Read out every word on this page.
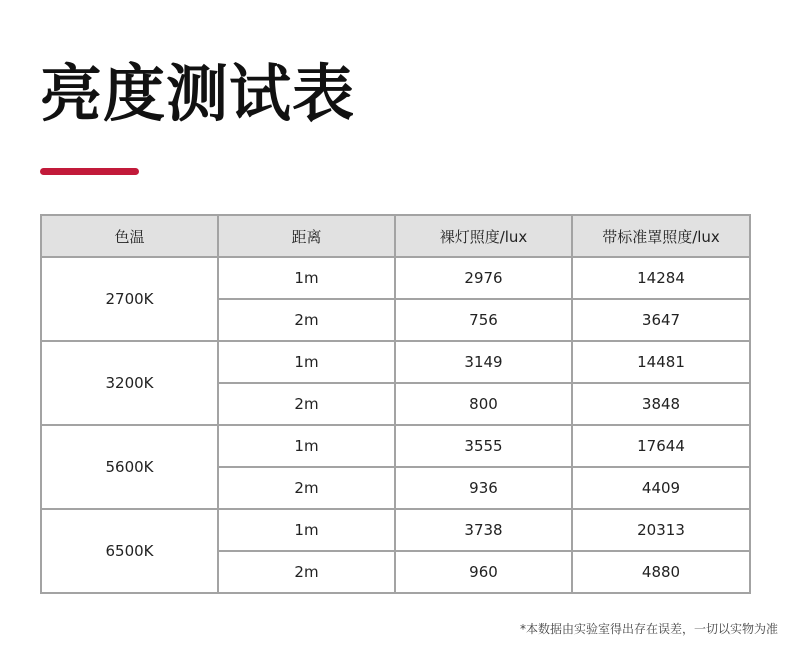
亮度测试表
色温	距离	裸灯照度/lux	带标准罩照度/lux
2700K	1m	2976	14284
	2m	756	3647
3200K	1m	3149	14481
	2m	800	3848
5600K	1m	3555	17644
	2m	936	4409
6500K	1m	3738	20313
	2m	960	4880
*本数据由实验室得出存在误差，一切以实物为准
